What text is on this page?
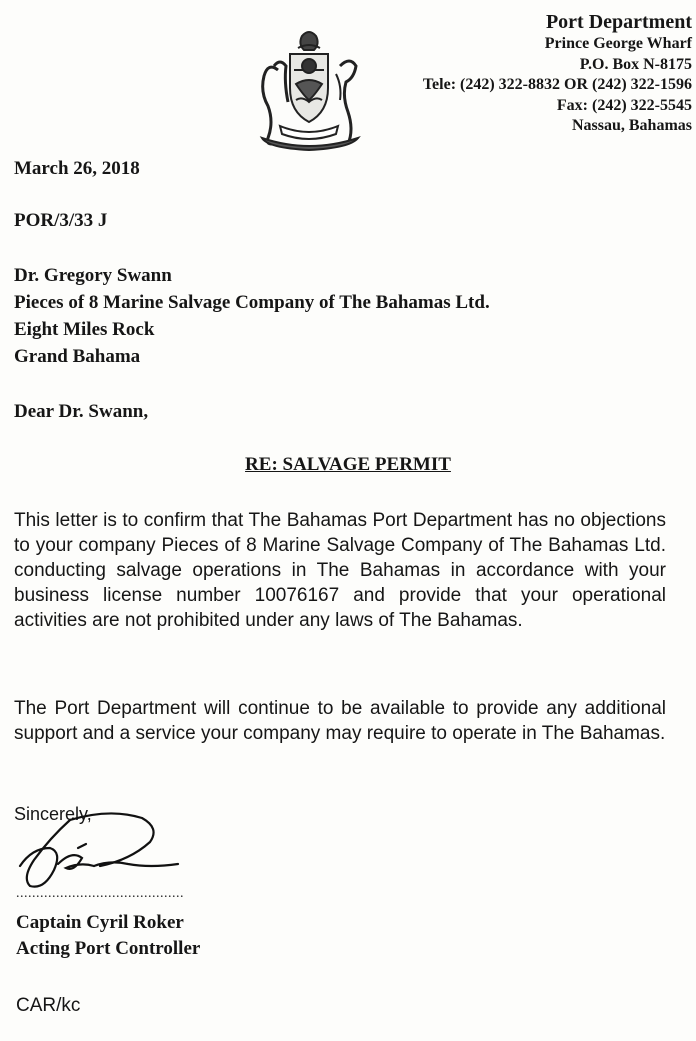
Port Department
Prince George Wharf
P.O. Box N-8175
Tele: (242) 322-8832 OR (242) 322-1596
Fax: (242) 322-5545
Nassau, Bahamas
March 26, 2018
POR/3/33 J
Dr. Gregory Swann
Pieces of 8 Marine Salvage Company of The Bahamas Ltd.
Eight Miles Rock
Grand Bahama
Dear Dr. Swann,
RE: SALVAGE PERMIT
This letter is to confirm that The Bahamas Port Department has no objections to your company Pieces of 8 Marine Salvage Company of The Bahamas Ltd. conducting salvage operations in The Bahamas in accordance with your business license number 10076167 and provide that your operational activities are not prohibited under any laws of The Bahamas.
The Port Department will continue to be available to provide any additional support and a service your company may require to operate in The Bahamas.
Sincerely,
..........................................
Captain Cyril Roker
Acting Port Controller
CAR/kc
